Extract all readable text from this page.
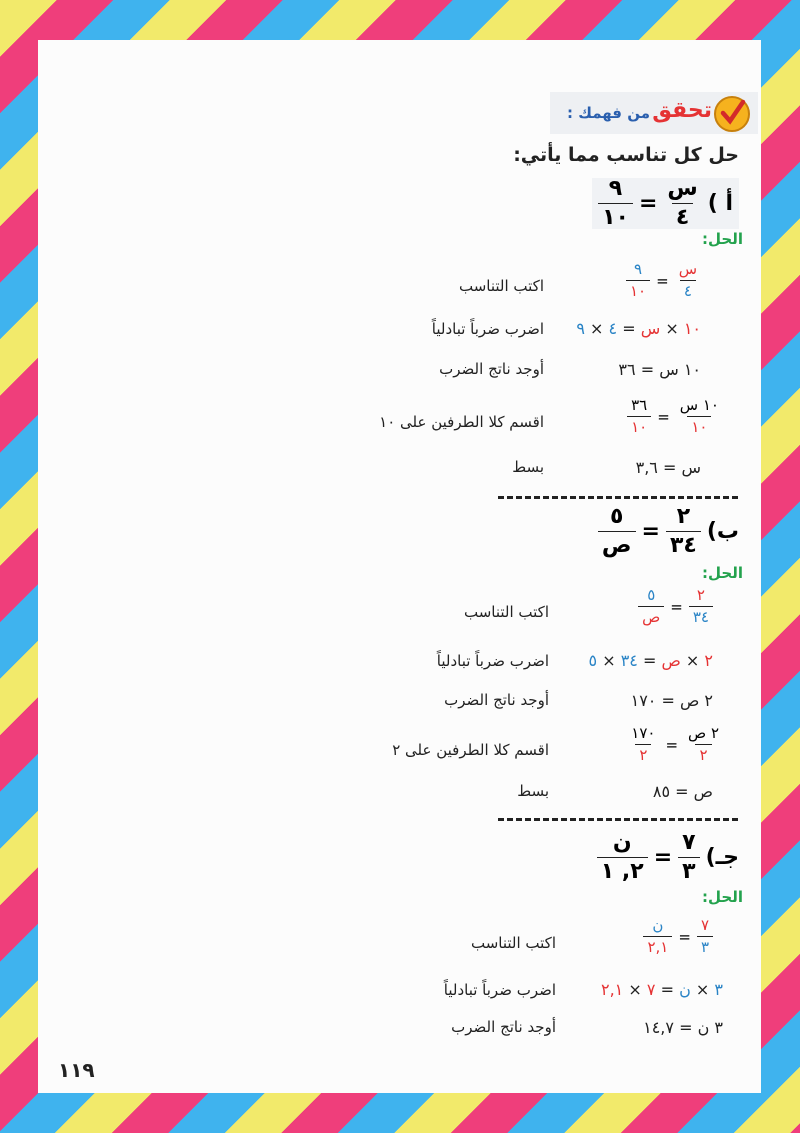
تحقق
من فهمك :
حل كل تناسب مما يأتي:
أ )
$\frac{\text{س}}{٤}$
=
$\frac{٩}{١٠}$
الحل:
$\frac{\text{س}}{٤}$
=
$\frac{٩}{١٠}$
اكتب التناسب
١٠ × س = ٤ × ٩
اضرب ضرباً تبادلياً
١٠ س = ٣٦
أوجد ناتج الضرب
$\frac{\text{١٠ س}}{١٠}$
=
$\frac{٣٦}{١٠}$
اقسم كلا الطرفين على ١٠
س = ٣,٦
بسط
ب)
$\frac{٢}{٣٤}$
=
$\frac{٥}{\text{ص}}$
الحل:
$\frac{٢}{٣٤}$
=
$\frac{٥}{\text{ص}}$
اكتب التناسب
٢ × ص = ٣٤ × ٥
اضرب ضرباً تبادلياً
٢ ص = ١٧٠
أوجد ناتج الضرب
$\frac{\text{٢ ص}}{٢}$
=
$\frac{١٧٠}{٢}$
اقسم كلا الطرفين على ٢
ص = ٨٥
بسط
جـ)
$\frac{٧}{٣}$
=
$\frac{\text{ن}}{٢, ١}$
الحل:
$\frac{٧}{٣}$
=
$\frac{\text{ن}}{٢,١}$
اكتب التناسب
٣ × ن = ٧ × ٢,١
اضرب ضرباً تبادلياً
٣ ن = ١٤,٧
أوجد ناتج الضرب
١١٩
